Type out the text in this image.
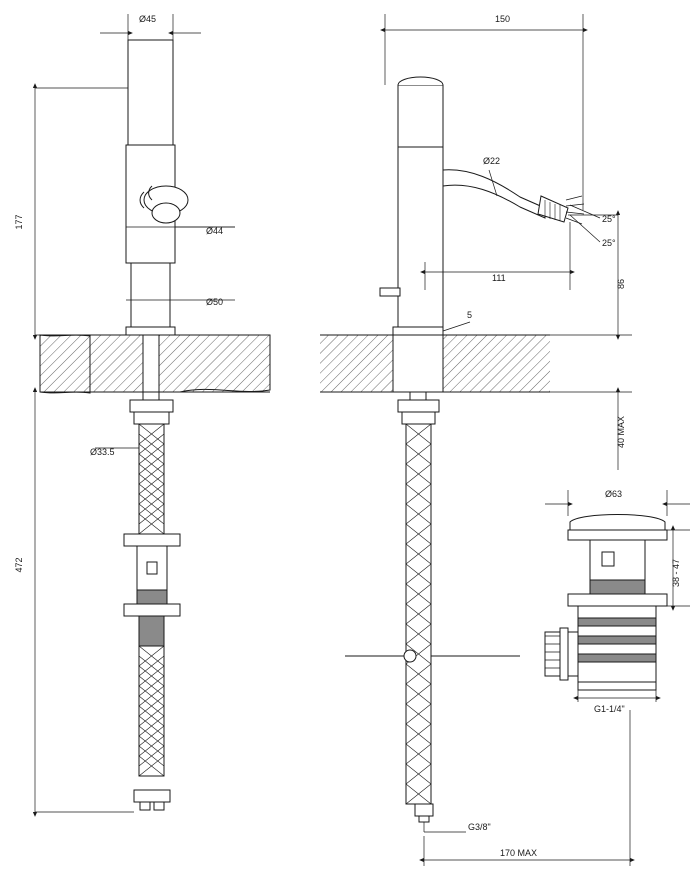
Ø45
Ø44
Ø50
Ø33.5
177
472
150
Ø22
25°
25°
111
86
5
40 MAX
G3/8"
170 MAX
Ø63
38 - 47
G1-1/4"
